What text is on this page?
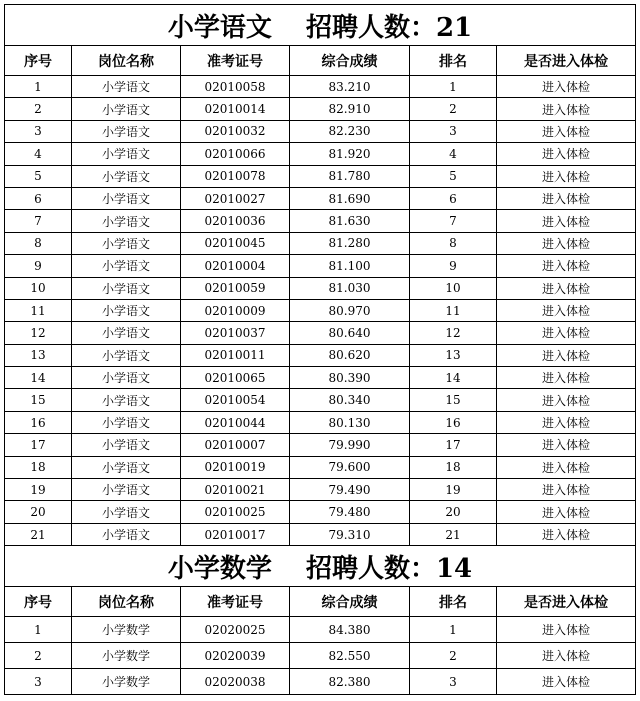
小学语文 招聘人数：21					
序号	岗位名称	准考证号	综合成绩	排名	是否进入体检
1	小学语文	02010058	83.210	1	进入体检
2	小学语文	02010014	82.910	2	进入体检
3	小学语文	02010032	82.230	3	进入体检
4	小学语文	02010066	81.920	4	进入体检
5	小学语文	02010078	81.780	5	进入体检
6	小学语文	02010027	81.690	6	进入体检
7	小学语文	02010036	81.630	7	进入体检
8	小学语文	02010045	81.280	8	进入体检
9	小学语文	02010004	81.100	9	进入体检
10	小学语文	02010059	81.030	10	进入体检
11	小学语文	02010009	80.970	11	进入体检
12	小学语文	02010037	80.640	12	进入体检
13	小学语文	02010011	80.620	13	进入体检
14	小学语文	02010065	80.390	14	进入体检
15	小学语文	02010054	80.340	15	进入体检
16	小学语文	02010044	80.130	16	进入体检
17	小学语文	02010007	79.990	17	进入体检
18	小学语文	02010019	79.600	18	进入体检
19	小学语文	02010021	79.490	19	进入体检
20	小学语文	02010025	79.480	20	进入体检
21	小学语文	02010017	79.310	21	进入体检
小学数学 招聘人数：14					
序号	岗位名称	准考证号	综合成绩	排名	是否进入体检
1	小学数学	02020025	84.380	1	进入体检
2	小学数学	02020039	82.550	2	进入体检
3	小学数学	02020038	82.380	3	进入体检
